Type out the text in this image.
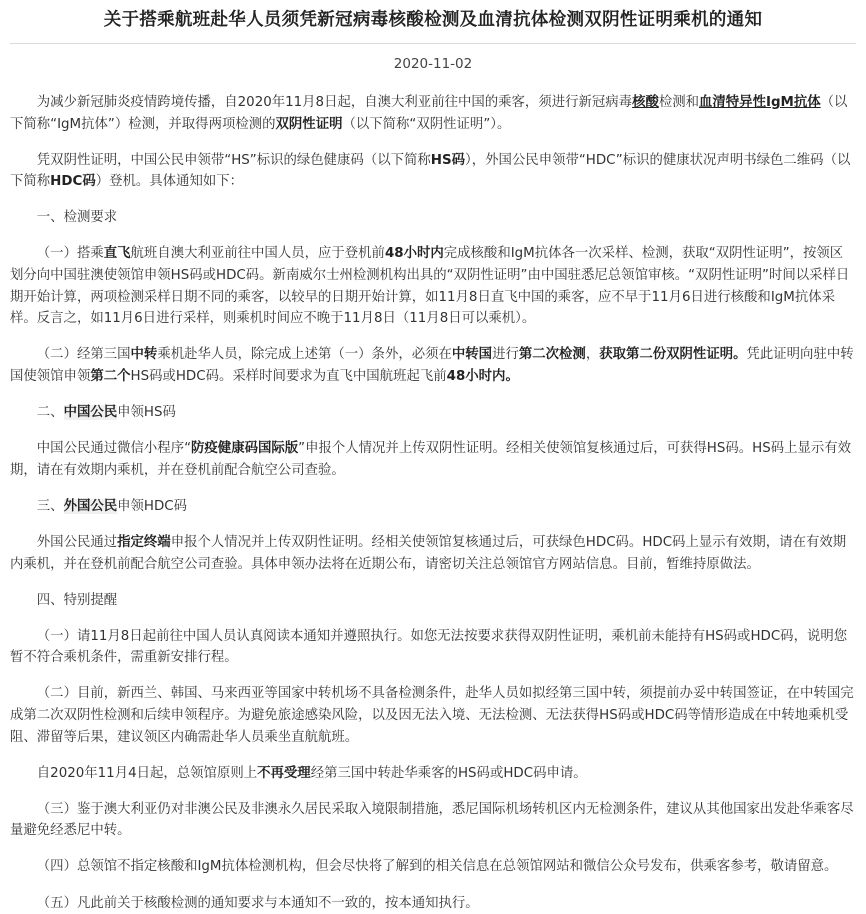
关于搭乘航班赴华人员须凭新冠病毒核酸检测及血清抗体检测双阴性证明乘机的通知
2020-11-02

为减少新冠肺炎疫情跨境传播，自2020年11月8日起，自澳大利亚前往中国的乘客，须进行新冠病毒核酸检测和血清特异性IgM抗体（以下简称“IgM抗体”）检测，并取得两项检测的双阴性证明（以下简称“双阴性证明”）。

凭双阴性证明，中国公民申领带“HS”标识的绿色健康码（以下简称HS码），外国公民申领带“HDC”标识的健康状况声明书绿色二维码（以下简称HDC码）登机。具体通知如下：

一、检测要求

（一）搭乘直飞航班自澳大利亚前往中国人员，应于登机前48小时内完成核酸和IgM抗体各一次采样、检测，获取“双阴性证明”，按领区划分向中国驻澳使领馆申领HS码或HDC码。新南威尔士州检测机构出具的“双阴性证明”由中国驻悉尼总领馆审核。“双阴性证明”时间以采样日期开始计算，两项检测采样日期不同的乘客，以较早的日期开始计算，如11月8日直飞中国的乘客，应不早于11月6日进行核酸和IgM抗体采样。反言之，如11月6日进行采样，则乘机时间应不晚于11月8日（11月8日可以乘机）。

（二）经第三国中转乘机赴华人员，除完成上述第（一）条外，必须在中转国进行第二次检测，获取第二份双阴性证明。凭此证明向驻中转国使领馆申领第二个HS码或HDC码。采样时间要求为直飞中国航班起飞前48小时内。

二、中国公民申领HS码

中国公民通过微信小程序“防疫健康码国际版”申报个人情况并上传双阴性证明。经相关使领馆复核通过后，可获得HS码。HS码上显示有效期，请在有效期内乘机，并在登机前配合航空公司查验。

三、外国公民申领HDC码

外国公民通过指定终端申报个人情况并上传双阴性证明。经相关使领馆复核通过后，可获绿色HDC码。HDC码上显示有效期，请在有效期内乘机，并在登机前配合航空公司查验。具体申领办法将在近期公布，请密切关注总领馆官方网站信息。目前，暂维持原做法。

四、特别提醒

（一）请11月8日起前往中国人员认真阅读本通知并遵照执行。如您无法按要求获得双阴性证明，乘机前未能持有HS码或HDC码，说明您暂不符合乘机条件，需重新安排行程。

（二）目前，新西兰、韩国、马来西亚等国家中转机场不具备检测条件，赴华人员如拟经第三国中转，须提前办妥中转国签证，在中转国完成第二次双阴性检测和后续申领程序。为避免旅途感染风险，以及因无法入境、无法检测、无法获得HS码或HDC码等情形造成在中转地乘机受阻、滞留等后果，建议领区内确需赴华人员乘坐直航航班。

自2020年11月4日起，总领馆原则上不再受理经第三国中转赴华乘客的HS码或HDC码申请。

（三）鉴于澳大利亚仍对非澳公民及非澳永久居民采取入境限制措施，悉尼国际机场转机区内无检测条件，建议从其他国家出发赴华乘客尽量避免经悉尼中转。

（四）总领馆不指定核酸和IgM抗体检测机构，但会尽快将了解到的相关信息在总领馆网站和微信公众号发布，供乘客参考，敬请留意。

（五）凡此前关于核酸检测的通知要求与本通知不一致的，按本通知执行。
